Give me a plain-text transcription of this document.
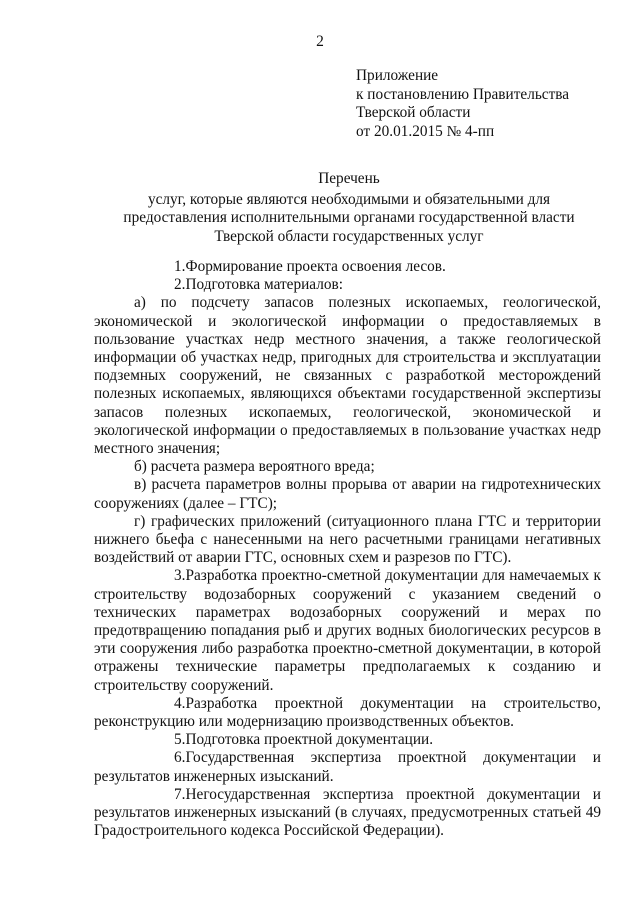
2
Приложение
к постановлению Правительства
Тверской области
от 20.01.2015 № 4-пп
Перечень
услуг, которые являются необходимыми и обязательными для
предоставления исполнительными органами государственной власти
Тверской области государственных услуг

1.Формирование проекта освоения лесов.

2.Подготовка материалов:

а) по подсчету запасов полезных ископаемых, геологической, экономической и экологической информации о предоставляемых в пользование участках недр местного значения, а также геологической информации об участках недр, пригодных для строительства и эксплуатации подземных сооружений, не связанных с разработкой месторождений полезных ископаемых, являющихся объектами государственной экспертизы запасов полезных ископаемых, геологической, экономической и экологической информации о предоставляемых в пользование участках недр местного значения;

б) расчета размера вероятного вреда;

в) расчета параметров волны прорыва от аварии на гидротехнических сооружениях (далее – ГТС);

г) графических приложений (ситуационного плана ГТС и территории нижнего бьефа с нанесенными на него расчетными границами негативных воздействий от аварии ГТС, основных схем и разрезов по ГТС).

3.Разработка проектно-сметной документации для намечаемых к строительству водозаборных сооружений с указанием сведений о технических параметрах водозаборных сооружений и мерах по предотвращению попадания рыб и других водных биологических ресурсов в эти сооружения либо разработка проектно-сметной документации, в которой отражены технические параметры предполагаемых к созданию и строительству сооружений.

4.Разработка проектной документации на строительство, реконструкцию или модернизацию производственных объектов.

5.Подготовка проектной документации.

6.Государственная экспертиза проектной документации и результатов инженерных изысканий.

7.Негосударственная экспертиза проектной документации и результатов инженерных изысканий (в случаях, предусмотренных статьей 49 Градостроительного кодекса Российской Федерации).
